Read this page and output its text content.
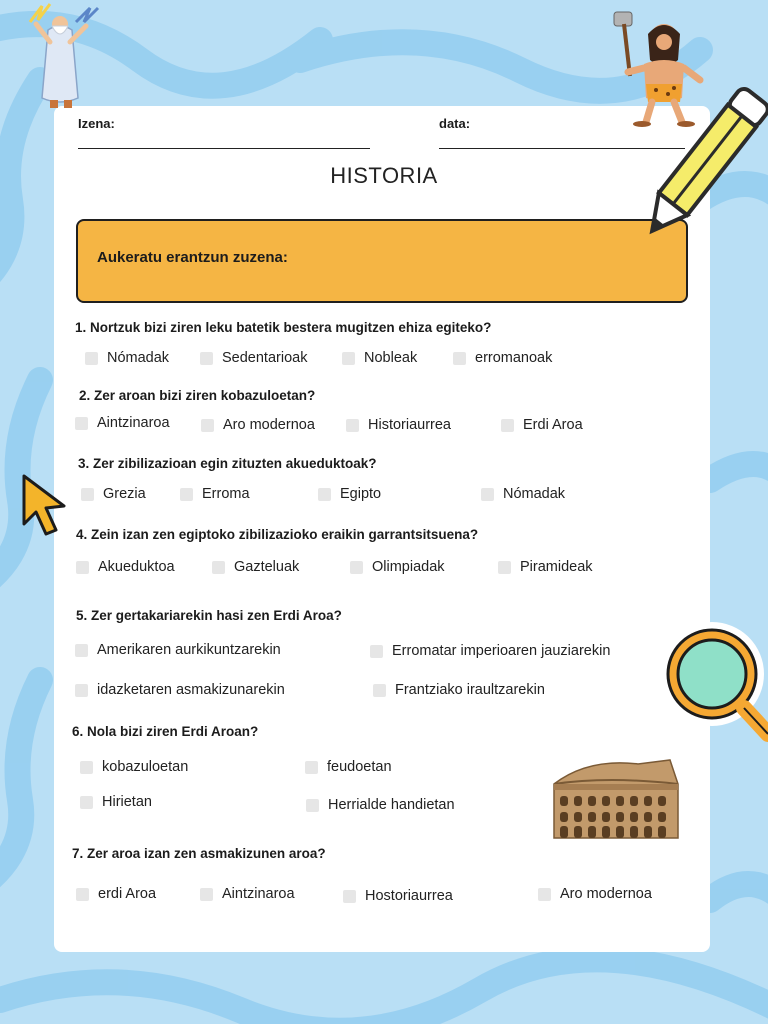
Izena:	data:
HISTORIA
Aukeratu erantzun zuzena:
1. Nortzuk bizi ziren leku batetik bestera mugitzen ehiza egiteko?
Nómadak	Sedentarioak	Nobleak	erromanoak
2. Zer aroan bizi ziren kobazuloetan?
Aintzinaroa	Aro modernoa	Historiaurrea	Erdi Aroa
3. Zer zibilizazioan egin zituzten akueduktoak?
Grezia	Erroma	Egipto	Nómadak
4. Zein izan zen egiptoko zibilizazioko eraikin garrantsitsuena?
Akueduktoa	Gazteluak	Olimpiadak	Piramideak
5. Zer gertakariarekin hasi zen Erdi Aroa?
Amerikaren aurkikuntzarekin	Erromatar imperioaren jauziarekin
idazketaren asmakizunarekin	Frantziako iraultzarekin
6. Nola bizi ziren Erdi Aroan?
kobazuloetan	feudoetan
Hirietan	Herrialde handietan
7. Zer aroa izan zen asmakizunen aroa?
erdi Aroa	Aintzinaroa	Hostoriaurrea	Aro modernoa
